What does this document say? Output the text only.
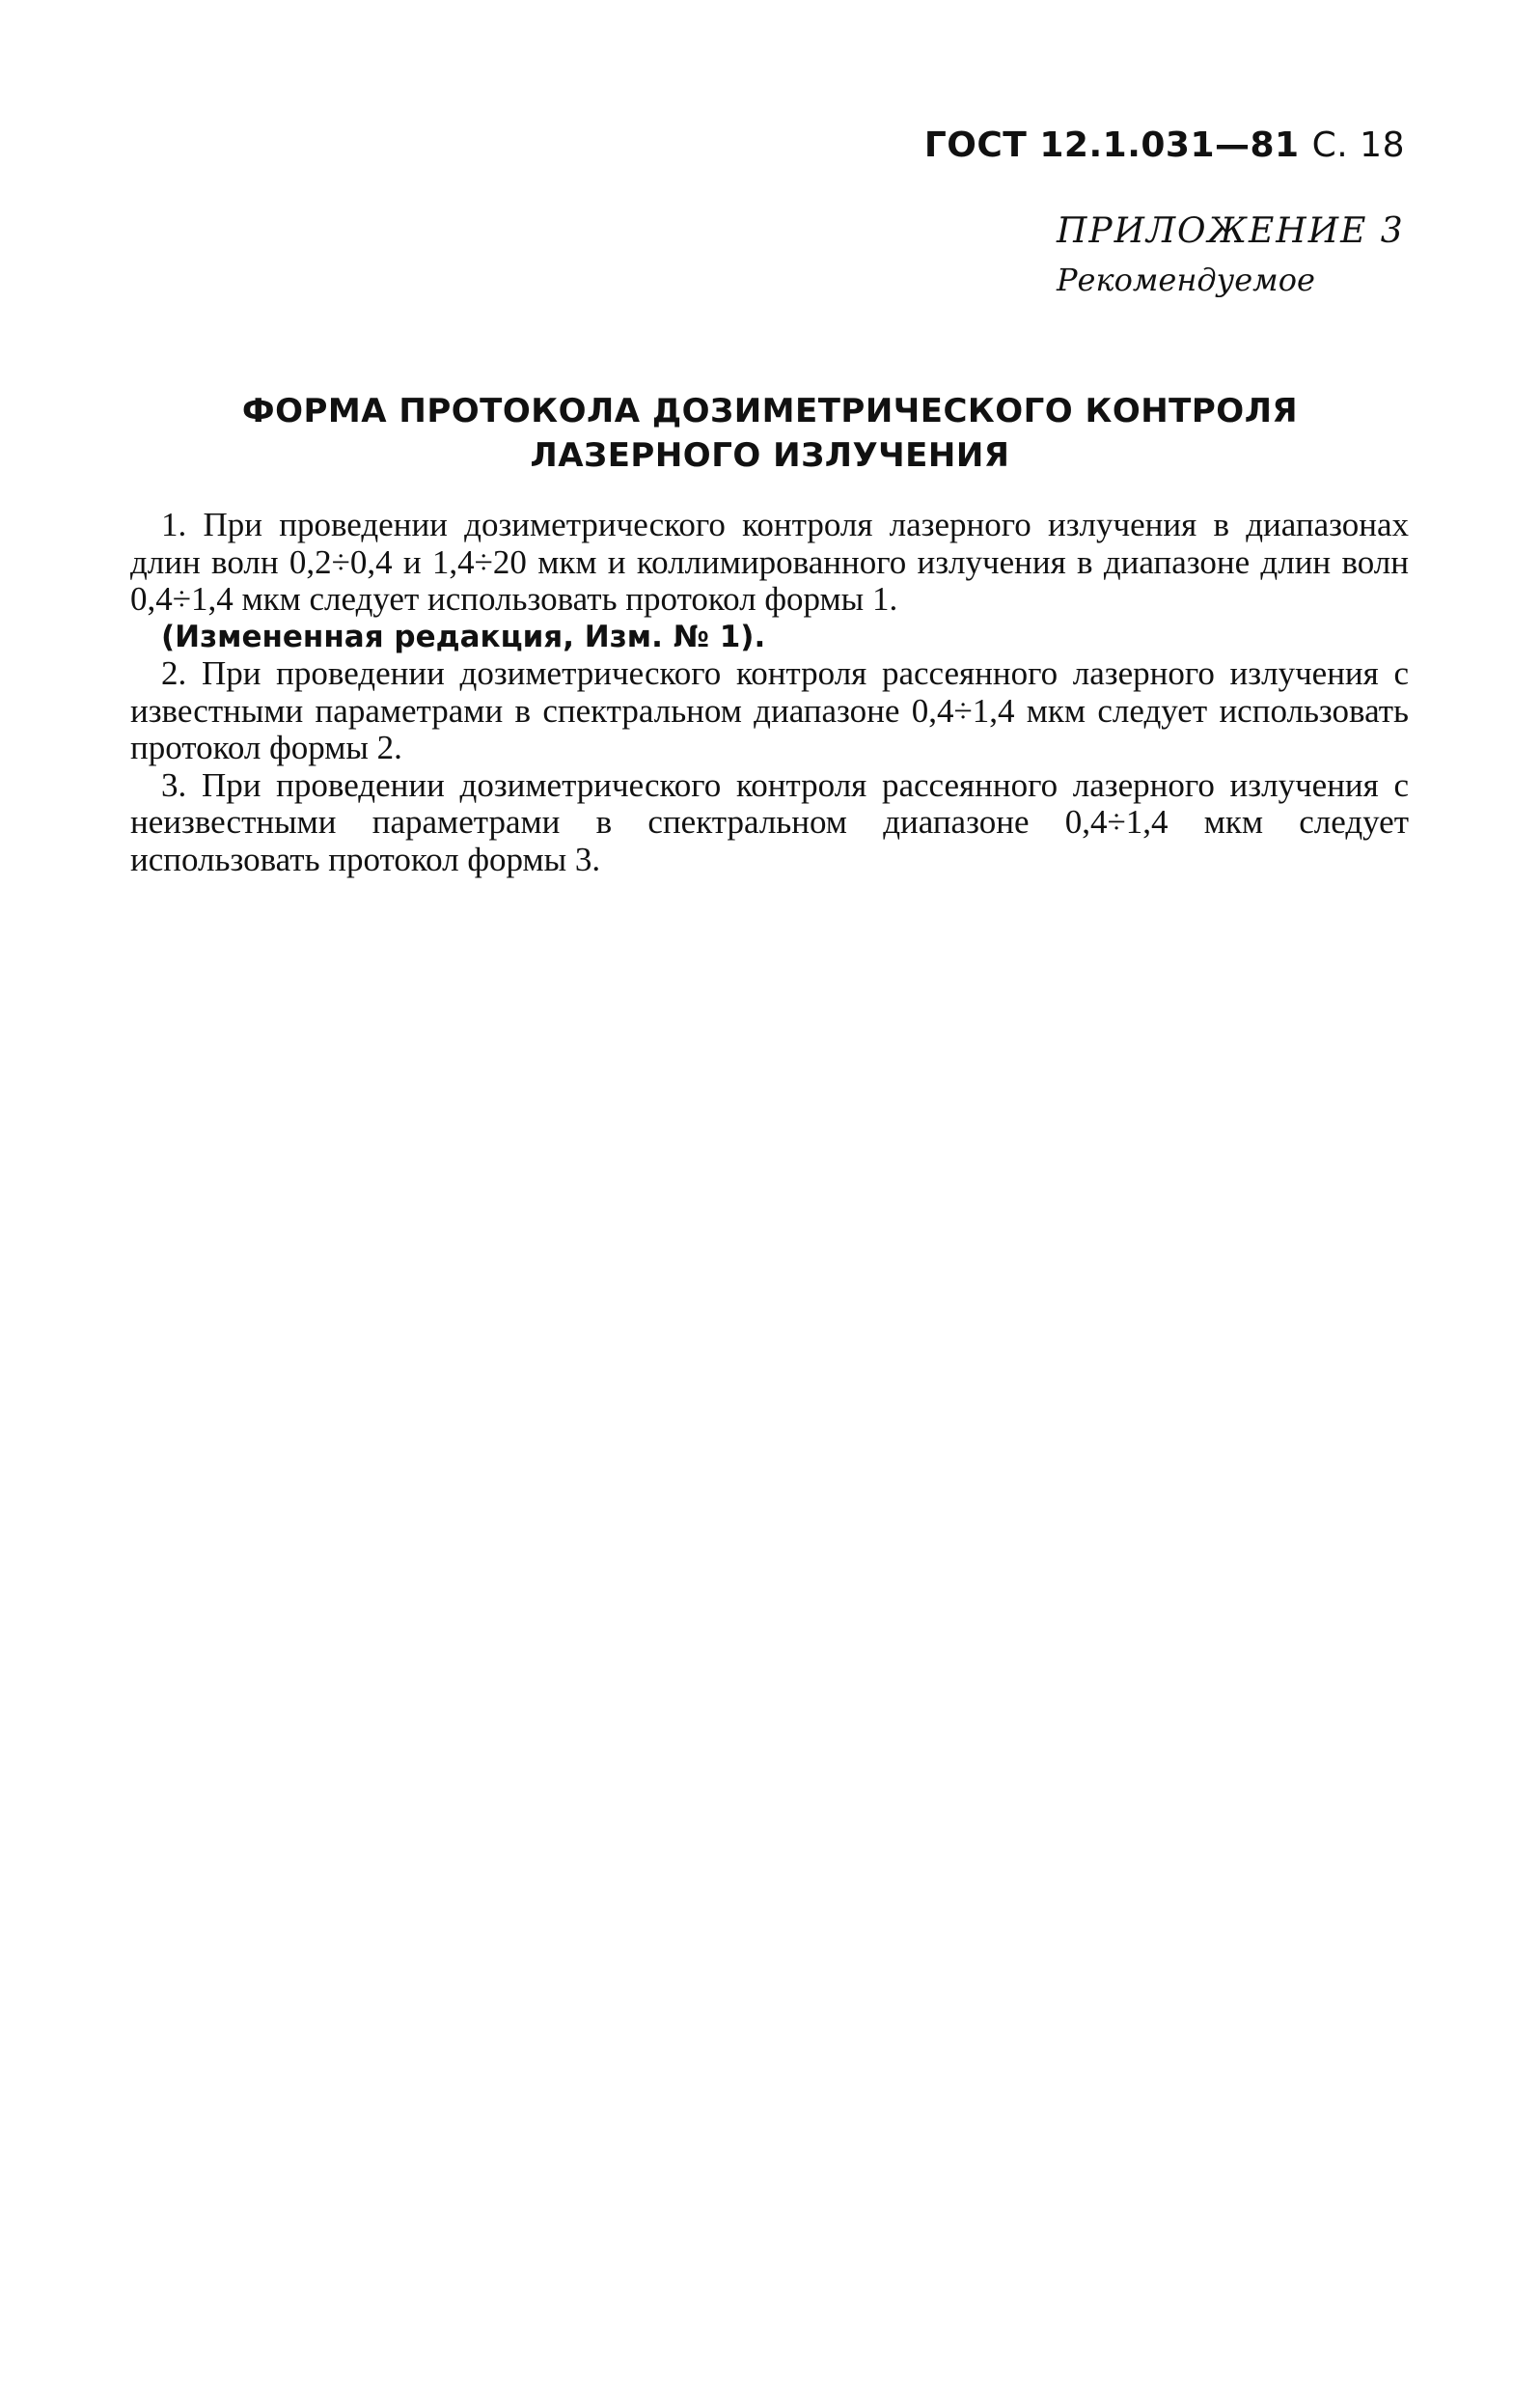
ГОСТ 12.1.031—81 С. 18
ПРИЛОЖЕНИЕ 3
Рекомендуемое
ФОРМА ПРОТОКОЛА ДОЗИМЕТРИЧЕСКОГО КОНТРОЛЯ
ЛАЗЕРНОГО ИЗЛУЧЕНИЯ

1. При проведении дозиметрического контроля лазерного излучения в диапазонах длин волн 0,2÷0,4 и 1,4÷20 мкм и коллимированного излучения в диапазоне длин волн 0,4÷1,4 мкм следует использовать протокол формы 1.

(Измененная редакция, Изм. № 1).

2. При проведении дозиметрического контроля рассеянного лазерного излучения с известными параметрами в спектральном диапазоне 0,4÷1,4 мкм следует использовать протокол формы 2.

3. При проведении дозиметрического контроля рассеянного лазерного излучения с неизвестными параметрами в спектральном диапазоне 0,4÷1,4 мкм следует использовать протокол формы 3.
